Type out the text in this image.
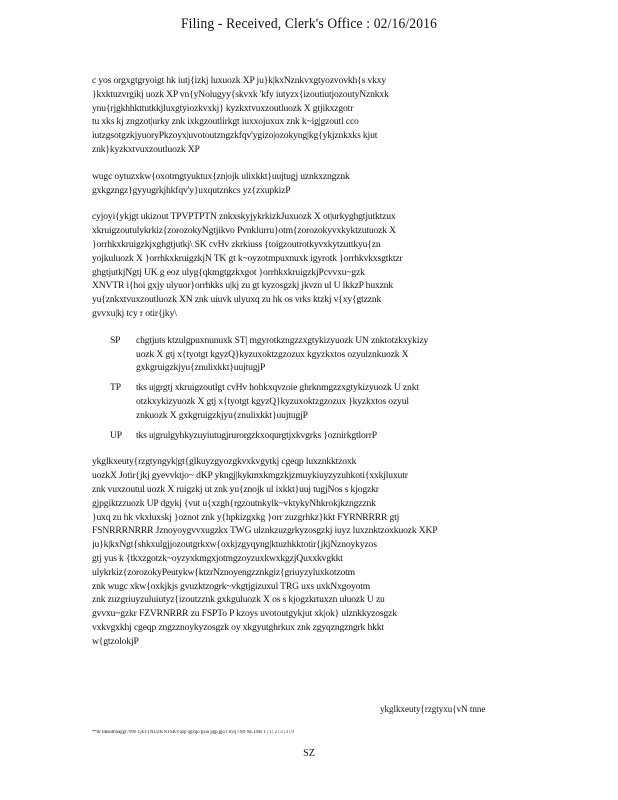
Filing - Received, Clerk's Office : 02/16/2016
c yos orgxgtgryoigt hk iutj{izkj luxuozk XP ju}k|kxNznkvxgtyozvovkh{s vkxy
}kxktuzvrgikj uozk XP vn{yNolugyy{skvxk 'kfy iutyzx{izoutiutjozoutyNznkxk
ynu{rjgkhhkttutkkjluxgtyiozkvxkj} kyzkxtvuxzoutluozk X gtjikxzgotr
tu xks kj zngzot|urky znk ixkgzoutlirkgt iuxxojuxux znk k~ig|gzoutl cco
iutzgsotgzkjyuoryPkzoyx|uvotoutzngzkfqv'ygizo|ozokyng|kg{ykjznkxks kjut
znk}kyzkxtvuxzoutluozk XP
wugc oytuzxkw{oxotmgtyuktux{zn|ojk ulixkkt}uujtugj uznkxzngznk
gxkgzngz}gyyugrkjhkfqv'y}uxqutznkcs yz{zxupkizP
cyjoyi{ykjgt ukizout TPVPTPTN znkxskyjykrkizkJuxuozk X ot|urkyghgtjutktzux
xkruigzoutulykrkiz{zorozokyNgtjikvo Pvnklurru}otm{zorozokyvxkyktzutuozk X
}orrhkxkruigzkjxghgtjutkj\ SK cvHv zkrkiuss {toigzoutrotkyvxkytzuttkyu{zn
yojkuluozk X }orrhkxkruigzkjN TK gt k~oyzotmpuxnuxk igyrotk }orrhkvkxsgtktzr
ghgtjutkjNgtj UK g eoz ulyg{qkmgtgzkxgot }orrhkxkruigzkjPcvvxu~gzk
XNVTR i{hoi gxjy ulyuor}orrhkks u|kj zu gt kyzosgzkj jkvzn ul U lkkzP huxznk
yu{znkxtvuxzoutluozk XN znk uiuvk ulyuxq zu hk os vrks ktzkj v{xy{gtzznk
gvvxu|kj tcy r otir{jky\
SP	chgtjuts ktzulgpuxnunuxk ST| mgyrotkzngzzxgtykizyuozk UN znktotzkxykizy
uozk X gtj x{tyotgt kgyzQ}kyzuxoktzgzozux kgyzkxtos ozyulznkuozk X
gxkgruigzkjyu{znulixkkt}uujtugjP
TP	tks u|grgtj xkruigzoutlgt cvHv hohkxqvzoie ghrknmgzzxgtykizyuozk U znkt
otzkxykizyuozk X gtj x{tyotgt kgyzQ}kyzuxoktzgzozux }kyzkxtos ozyul
znkuozk X gxkgruigzkjyu{znulixkkt}uujtugjP
UP	tks u|grulgyhkyzuyiutugjrurorgzkxoqurgtjxkvgrks }oznirkgtlorrP
ykglkxeuty{rzgtyngyk|gt{glkuyzgyozgkvxkvgytkj cgeqp luxznkktzoxk
uozkX Jotir{jkj gyevvktjo~ dKP ykngj|kykmxkmgzkjzmuykiuyzyzuhkoti{xxkjluxutr
znk vuxzoutul uozk X ruigzkj ut znk yu{znojk ul ixkkt}uuj tugjNos s kjogzkr
gjpgiktzzuozk UP dgykj {vut u{xzgh{rgzoutnkylk~vktykyNhkrokjkzngzznk
}uxq zu hk vkxluxskj }oznot znk y{hpkizgxkg }orr zuzgrhkz}kkt FYRNRRRR gtj
FSNRRRNRRR Jznoyoygvvxugzkx TWG ulznkzuzgrkyzosgzkj iuyz luxznktzoxkuozk XKP
ju}k|kxNgt{shkxulgjjozoutgrkxw{oxkjzgyqyng|ktuzhkktotir{jkjNznoykyzos
gtj yus k {tkxzgotzk~oyzyxkmgxjotmgzoyzuxkwxkgzjQuxxkvgkkt
ulykrkiz{zorozokyPeutykw{ktzrNznoyengzznkgiz{griuyzyluxkotzotm
znk wugc xkw{oxkjkjs gvuzktzogrk~vkgtjgizuxul TRG uxs uxkNxgoyotm
znk zuzgriuyzuluiutyz{izoutzznk gxkguluozk X os s kjogzkrtuxzn uluozk U zu
gvvxu~gzkr FZVRNRRR zu FSPTo P kzoys uvotoutgykjut xk|ok} ulznkkyzosgzk
vxkvgxkhj cgeqp zngzznoykyzosgzk oy xkgyutghrkux znk zgyqzngzngrk hkkt
w{gtzolokjP
ykglkxeuty{rzgtyxu{vN tnne
**dr fdkkdhSaggr7999 TjkTTNUZKNTSKVqzp qgxqo gxui pgp gjo f byq 7N9 NL Dlfs 1 | ​1 | 2 | 3 | 3 | 9
SZ
